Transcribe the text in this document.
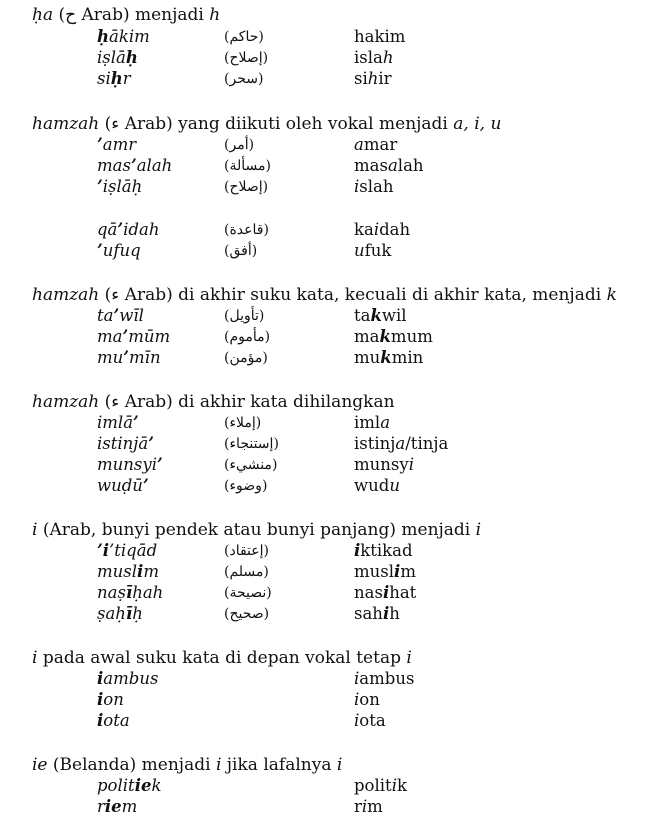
ḥa (ح Arab) menjadi h
ḥākim	(حاكم)	hakim
iṣlāḥ	(إصلاح)	islah
siḥr	(سحر)	sihir
hamzah (ء Arab) yang diikuti oleh vokal menjadi a, i, u
’amr	(أمر)	amar
mas’alah	(مسألة)	masalah
’iṣlāḥ	(إصلاح)	islah
qā’idah	(قاعدة)	kaidah
’ufuq	(أفق)	ufuk
hamzah (ء Arab) di akhir suku kata, kecuali di akhir kata, menjadi k
ta’wīl	(تأويل)	takwil
ma’mūm	(مأموم)	makmum
mu’mīn	(مؤمن)	mukmin
hamzah (ء Arab) di akhir kata dihilangkan
imlā’	(إملاء)	imla
istinjā’	(إستنجاء)	istinja/tinja
munsyi’	(منشيء)	munsyi
wuḍū’	(وضوء)	wudu
i (Arab, bunyi pendek atau bunyi panjang) menjadi i
’i’tiqād	(إعتقاد)	iktikad
muslim	(مسلم)	muslim
naṣīḥah	(نصيحة)	nasihat
ṣaḥīḥ	(صحيح)	sahih
i pada awal suku kata di depan vokal tetap i
iambus	iambus
ion	ion
iota	iota
ie (Belanda) menjadi i jika lafalnya i
politiek	politik
riem	rim
